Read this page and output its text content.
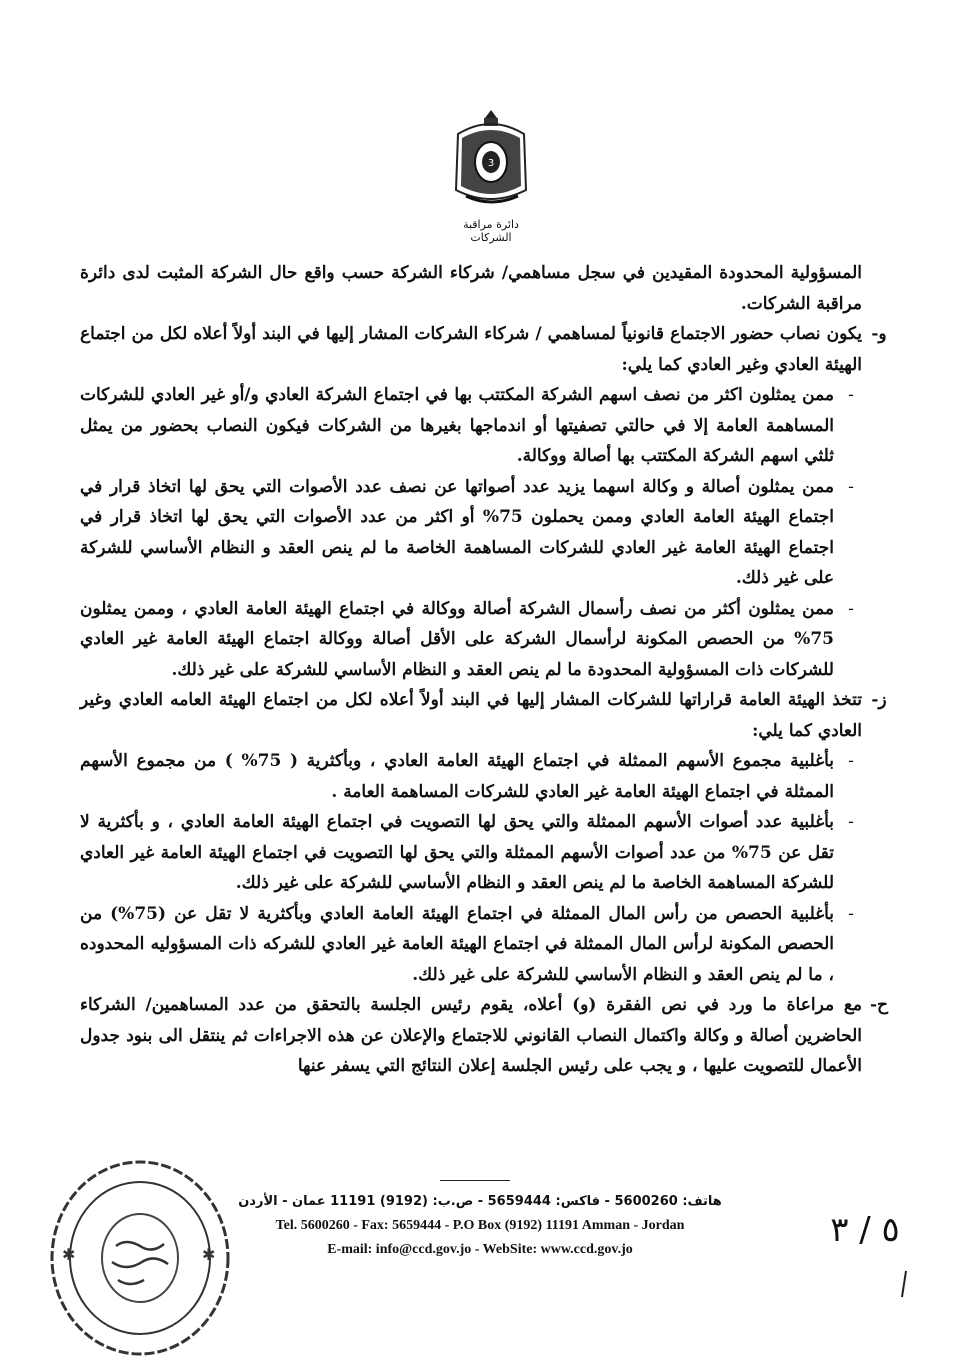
3
دائرة مراقبة الشركات

المسؤولية المحدودة المقيدين في سجل مساهمي/ شركاء الشركة حسب واقع حال الشركة المثبت لدى دائرة مراقبة الشركات.

و-

يكون نصاب حضور الاجتماع قانونياً لمساهمي / شركاء الشركات المشار إليها في البند أولاً أعلاه لكل من اجتماع الهيئة العادي وغير العادي كما يلي:

-
ممن يمثلون اكثر من نصف اسهم الشركة المكتتب بها في اجتماع الشركة العادي و/أو غير العادي للشركات المساهمة العامة إلا في حالتي تصفيتها أو اندماجها بغيرها من الشركات فيكون النصاب بحضور من يمثل ثلثي اسهم الشركة المكتتب بها أصالة ووكالة.
-
ممن يمثلون أصالة و وكالة اسهما يزيد عدد أصواتها عن نصف عدد الأصوات التي يحق لها اتخاذ قرار في اجتماع الهيئة العامة العادي وممن يحملون 75% أو اكثر من عدد الأصوات التي يحق لها اتخاذ قرار في اجتماع الهيئة العامة غير العادي للشركات المساهمة الخاصة ما لم ينص العقد و النظام الأساسي للشركة على غير ذلك.
-
ممن يمثلون أكثر من نصف رأسمال الشركة أصالة ووكالة في اجتماع الهيئة العامة العادي ، وممن يمثلون 75% من الحصص المكونة لرأسمال الشركة على الأقل أصالة ووكالة اجتماع الهيئة العامة غير العادي للشركات ذات المسؤولية المحدودة ما لم ينص العقد و النظام الأساسي للشركة على غير ذلك.
ز-

تتخذ الهيئة العامة قراراتها للشركات المشار إليها في البند أولاً أعلاه لكل من اجتماع الهيئة العامه العادي وغير العادي كما يلي:

-
بأغلبية مجموع الأسهم الممثلة في اجتماع الهيئة العامة العادي ، وبأكثرية ( 75% ) من مجموع الأسهم الممثلة في اجتماع الهيئة العامة غير العادي للشركات المساهمة العامة .
-
بأغلبية عدد أصوات الأسهم الممثلة والتي يحق لها التصويت في اجتماع الهيئة العامة العادي ، و بأكثرية لا تقل عن 75% من عدد أصوات الأسهم الممثلة والتي يحق لها التصويت في اجتماع الهيئة العامة غير العادي للشركة المساهمة الخاصة ما لم ينص العقد و النظام الأساسي للشركة على غير ذلك.
-
بأغلبية الحصص من رأس المال الممثلة في اجتماع الهيئة العامة العادي وبأكثرية لا تقل عن (75%) من الحصص المكونة لرأس المال الممثلة في اجتماع الهيئة العامة غير العادي للشركه ذات المسؤوليه المحدوده ، ما لم ينص العقد و النظام الأساسي للشركة على غير ذلك.
ح-

مع مراعاة ما ورد في نص الفقرة (و) أعلاه، يقوم رئيس الجلسة بالتحقق من عدد المساهمين/ الشركاء الحاضرين أصالة و وكالة واكتمال النصاب القانوني للاجتماع والإعلان عن هذه الاجراءات ثم ينتقل الى بنود جدول الأعمال للتصويت عليها ، و يجب على رئيس الجلسة إعلان النتائج التي يسفر عنها

هاتف: 5600260 - فاكس: 5659444 - ص.ب: (9192) 11191 عمان - الأردن
Tel. 5600260 - Fax: 5659444 - P.O Box (9192) 11191 Amman - Jordan
E-mail: info@ccd.gov.jo - WebSite: www.ccd.gov.jo
✱	✱
٥ / ٣
